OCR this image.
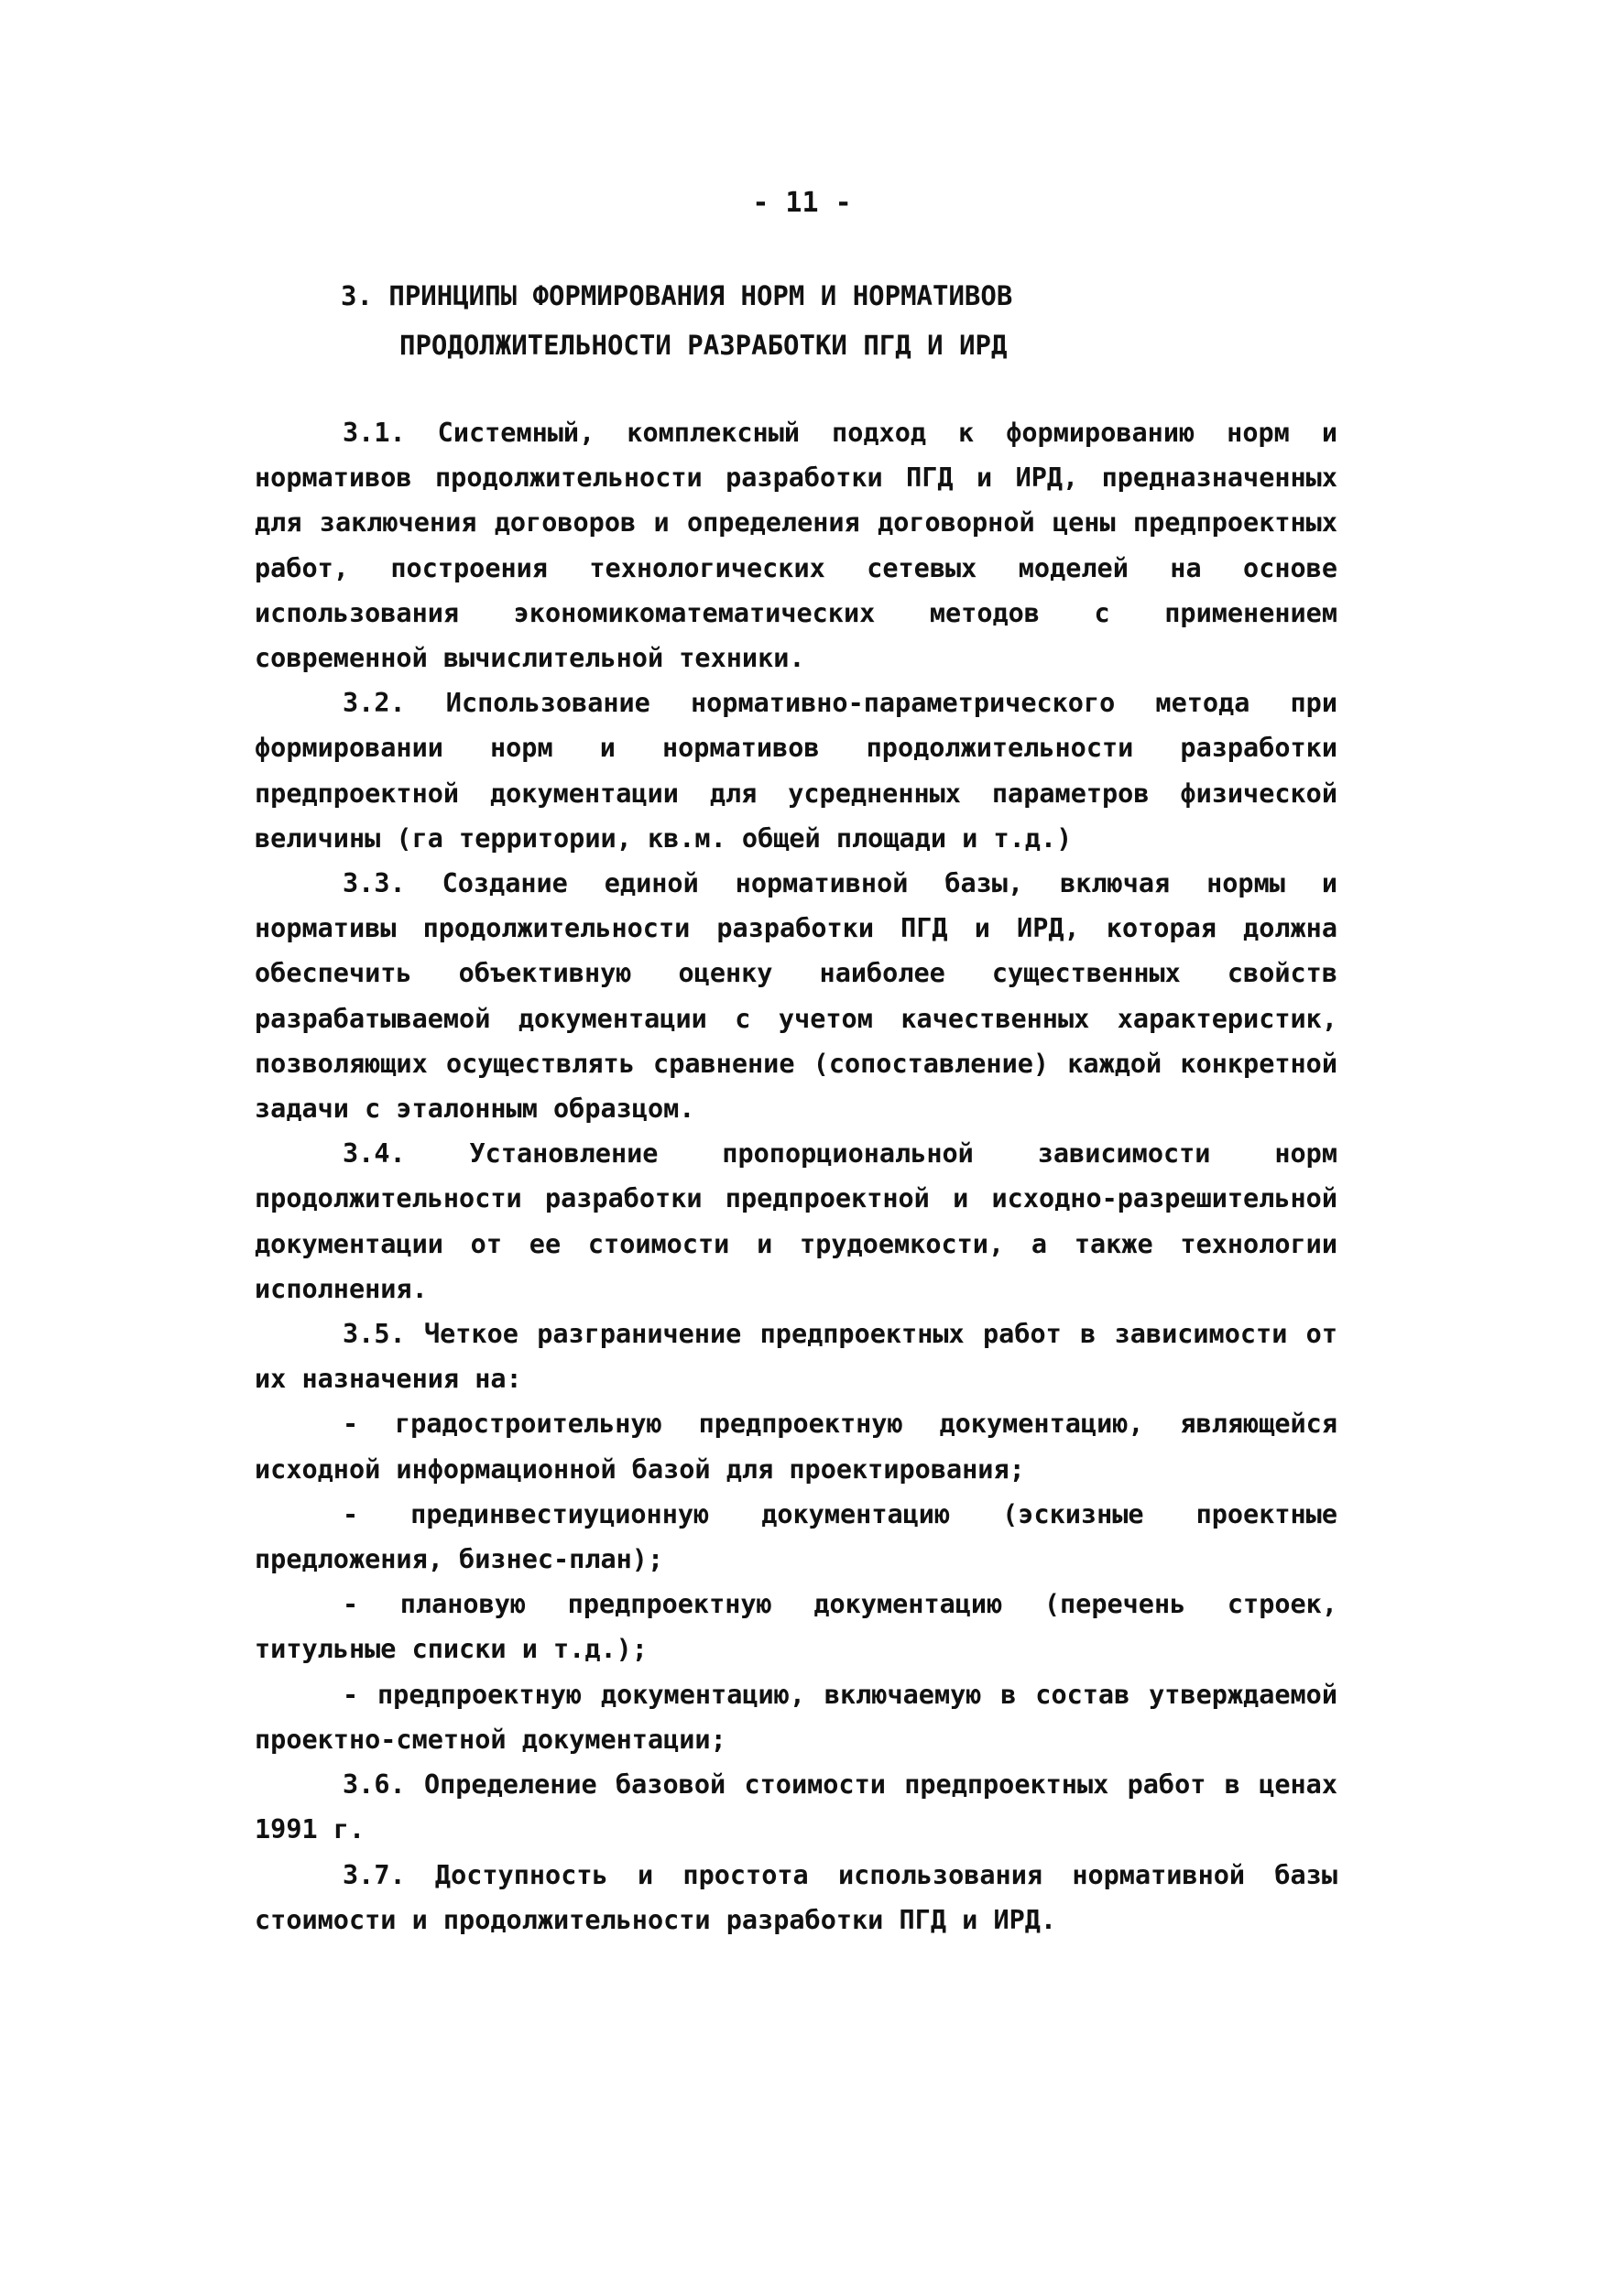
- 11 -
3. ПРИНЦИПЫ ФОРМИРОВАНИЯ НОРМ И НОРМАТИВОВ
ПРОДОЛЖИТЕЛЬНОСТИ РАЗРАБОТКИ ПГД И ИРД

3.1. Системный, комплексный подход к формированию норм и нормативов продолжительности разработки ПГД и ИРД, предназначенных для заключения договоров и определения договорной цены предпроектных работ, построения технологических сетевых моделей на основе использования экономикоматематических методов с применением современной вычислительной техники.

3.2. Использование нормативно-параметрического метода при формировании норм и нормативов продолжительности разработки предпроектной документации для усредненных параметров физической величины (га территории, кв.м. общей площади и т.д.)

3.3. Создание единой нормативной базы, включая нормы и нормативы продолжительности разработки ПГД и ИРД, которая должна обеспечить объективную оценку наиболее существенных свойств разрабатываемой документации с учетом качественных характеристик, позволяющих осуществлять сравнение (сопоставление) каждой конкретной задачи с эталонным образцом.

3.4. Установление пропорциональной зависимости норм продолжительности разработки предпроектной и исходно-разрешительной документации от ее стоимости и трудоемкости, а также технологии исполнения.

3.5. Четкое разграничение предпроектных работ в зависимости от их назначения на:

- градостроительную предпроектную документацию, являющейся исходной информационной базой для проектирования;

- прединвестиуционную документацию (эскизные проектные предложения, бизнес-план);

- плановую предпроектную документацию (перечень строек, титульные списки и т.д.);

- предпроектную документацию, включаемую в состав утверждаемой проектно-сметной документации;

3.6. Определение базовой стоимости предпроектных работ в ценах 1991 г.

3.7. Доступность и простота использования нормативной базы стоимости и продолжительности разработки ПГД и ИРД.
